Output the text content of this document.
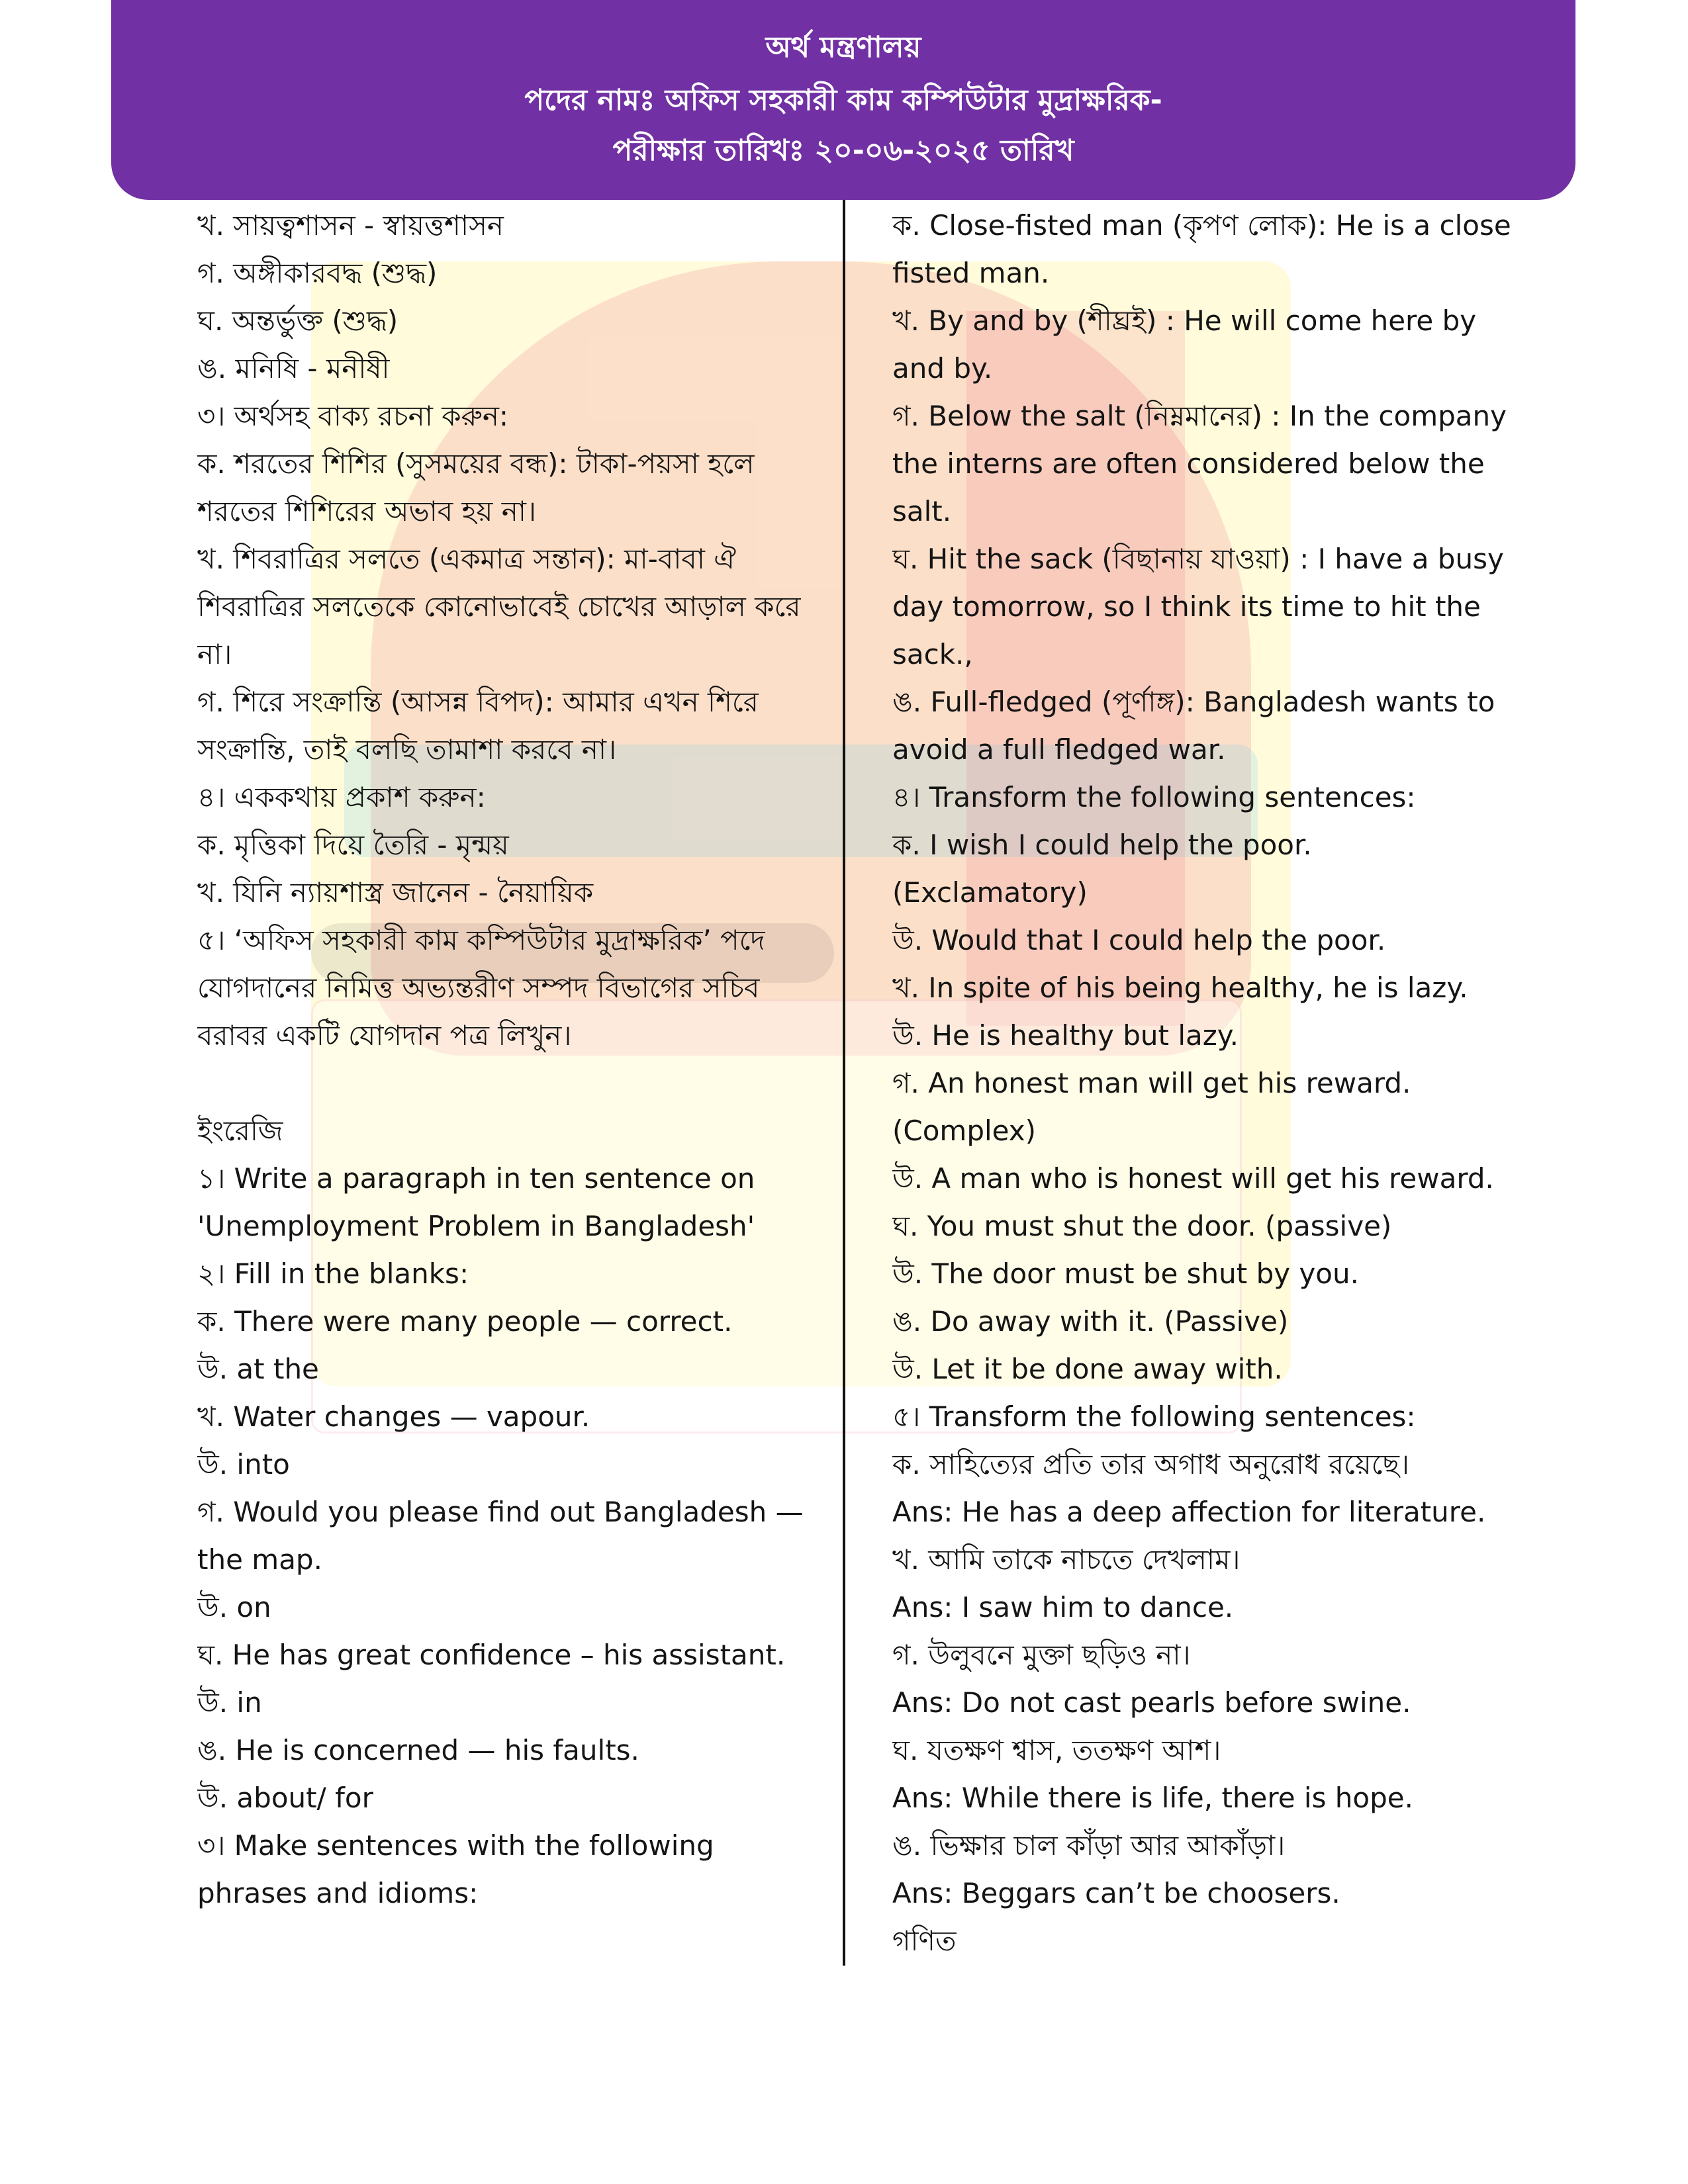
অর্থ মন্ত্রণালয়
পদের নামঃ অফিস সহকারী কাম কম্পিউটার মুদ্রাক্ষরিক-
পরীক্ষার তারিখঃ ২০-০৬-২০২৫ তারিখ
খ. সায়ত্বশাসন - স্বায়ত্তশাসন
গ. অঙ্গীকারবদ্ধ (শুদ্ধ)
ঘ. অন্তর্ভুক্ত (শুদ্ধ)
ঙ. মনিষি - মনীষী
৩। অর্থসহ বাক্য রচনা করুন:
ক. শরতের শিশির (সুসময়ের বন্ধ): টাকা-পয়সা হলে
শরতের শিশিরের অভাব হয় না।
খ. শিবরাত্রির সলতে (একমাত্র সন্তান): মা-বাবা ঐ
শিবরাত্রির সলতেকে কোনোভাবেই চোখের আড়াল করে
না।
গ. শিরে সংক্রান্তি (আসন্ন বিপদ): আমার এখন শিরে
সংক্রান্তি, তাই বলছি তামাশা করবে না।
৪। এককথায় প্রকাশ করুন:
ক. মৃত্তিকা দিয়ে তৈরি - মৃন্ময়
খ. যিনি ন্যায়শাস্ত্র জানেন - নৈয়ায়িক
৫। ‘অফিস সহকারী কাম কম্পিউটার মুদ্রাক্ষরিক’ পদে
যোগদানের নিমিত্ত অভ্যন্তরীণ সম্পদ বিভাগের সচিব
বরাবর একটি যোগদান পত্র লিখুন।
ইংরেজি
১। Write a paragraph in ten sentence on
'Unemployment Problem in Bangladesh'
২। Fill in the blanks:
ক. There were many people — correct.
উ. at the
খ. Water changes — vapour.
উ. into
গ. Would you please find out Bangladesh —
the map.
উ. on
ঘ. He has great confidence – his assistant.
উ. in
ঙ. He is concerned — his faults.
উ. about/ for
৩। Make sentences with the following
phrases and idioms:
ক. Close-fisted man (কৃপণ লোক): He is a close
fisted man.
খ. By and by (শীঘ্রই) : He will come here by
and by.
গ. Below the salt (নিম্নমানের) : In the company
the interns are often considered below the
salt.
ঘ. Hit the sack (বিছানায় যাওয়া) : I have a busy
day tomorrow, so I think its time to hit the
sack.,
ঙ. Full-fledged (পূর্ণাঙ্গ): Bangladesh wants to
avoid a full fledged war.
৪। Transform the following sentences:
ক. I wish I could help the poor.
(Exclamatory)
উ. Would that I could help the poor.
খ. In spite of his being healthy, he is lazy.
উ. He is healthy but lazy.
গ. An honest man will get his reward.
(Complex)
উ. A man who is honest will get his reward.
ঘ. You must shut the door. (passive)
উ. The door must be shut by you.
ঙ. Do away with it. (Passive)
উ. Let it be done away with.
৫। Transform the following sentences:
ক. সাহিত্যের প্রতি তার অগাধ অনুরোধ রয়েছে।
Ans: He has a deep affection for literature.
খ. আমি তাকে নাচতে দেখলাম।
Ans: I saw him to dance.
গ. উলুবনে মুক্তা ছড়িও না।
Ans: Do not cast pearls before swine.
ঘ. যতক্ষণ শ্বাস, ততক্ষণ আশ।
Ans: While there is life, there is hope.
ঙ. ভিক্ষার চাল কাঁড়া আর আকাঁড়া।
Ans: Beggars can’t be choosers.
গণিত
